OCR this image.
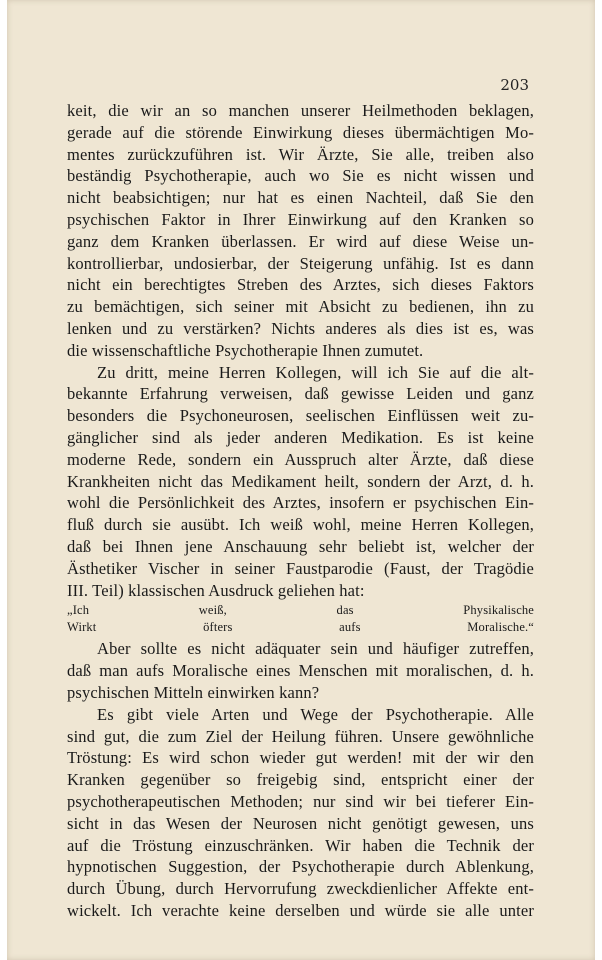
203

keit, die wir an so manchen unserer Heilmethoden beklagen,

gerade auf die störende Einwirkung dieses übermächtigen Mo-

mentes zurückzuführen ist. Wir Ärzte, Sie alle, treiben also

beständig Psychotherapie, auch wo Sie es nicht wissen und

nicht beabsichtigen; nur hat es einen Nachteil, daß Sie den

psychischen Faktor in Ihrer Einwirkung auf den Kranken so

ganz dem Kranken überlassen. Er wird auf diese Weise un-

kontrollierbar, undosierbar, der Steigerung unfähig. Ist es dann

nicht ein berechtigtes Streben des Arztes, sich dieses Faktors

zu bemächtigen, sich seiner mit Absicht zu bedienen, ihn zu

lenken und zu verstärken? Nichts anderes als dies ist es, was

die wissenschaftliche Psychotherapie Ihnen zumutet.

Zu dritt, meine Herren Kollegen, will ich Sie auf die alt-

bekannte Erfahrung verweisen, daß gewisse Leiden und ganz

besonders die Psychoneurosen, seelischen Einflüssen weit zu-

gänglicher sind als jeder anderen Medikation. Es ist keine

moderne Rede, sondern ein Ausspruch alter Ärzte, daß diese

Krankheiten nicht das Medikament heilt, sondern der Arzt, d. h.

wohl die Persönlichkeit des Arztes, insofern er psychischen Ein-

fluß durch sie ausübt. Ich weiß wohl, meine Herren Kollegen,

daß bei Ihnen jene Anschauung sehr beliebt ist, welcher der

Ästhetiker Vischer in seiner Faustparodie (Faust, der Tragödie

III. Teil) klassischen Ausdruck geliehen hat:

„Ich weiß, das Physikalische

Wirkt öfters aufs Moralische.“

Aber sollte es nicht adäquater sein und häufiger zutreffen,

daß man aufs Moralische eines Menschen mit moralischen, d. h.

psychischen Mitteln einwirken kann?

Es gibt viele Arten und Wege der Psychotherapie. Alle

sind gut, die zum Ziel der Heilung führen. Unsere gewöhnliche

Tröstung: Es wird schon wieder gut werden! mit der wir den

Kranken gegenüber so freigebig sind, entspricht einer der

psychotherapeutischen Methoden; nur sind wir bei tieferer Ein-

sicht in das Wesen der Neurosen nicht genötigt gewesen, uns

auf die Tröstung einzuschränken. Wir haben die Technik der

hypnotischen Suggestion, der Psychotherapie durch Ablenkung,

durch Übung, durch Hervorrufung zweckdienlicher Affekte ent-

wickelt. Ich verachte keine derselben und würde sie alle unter
